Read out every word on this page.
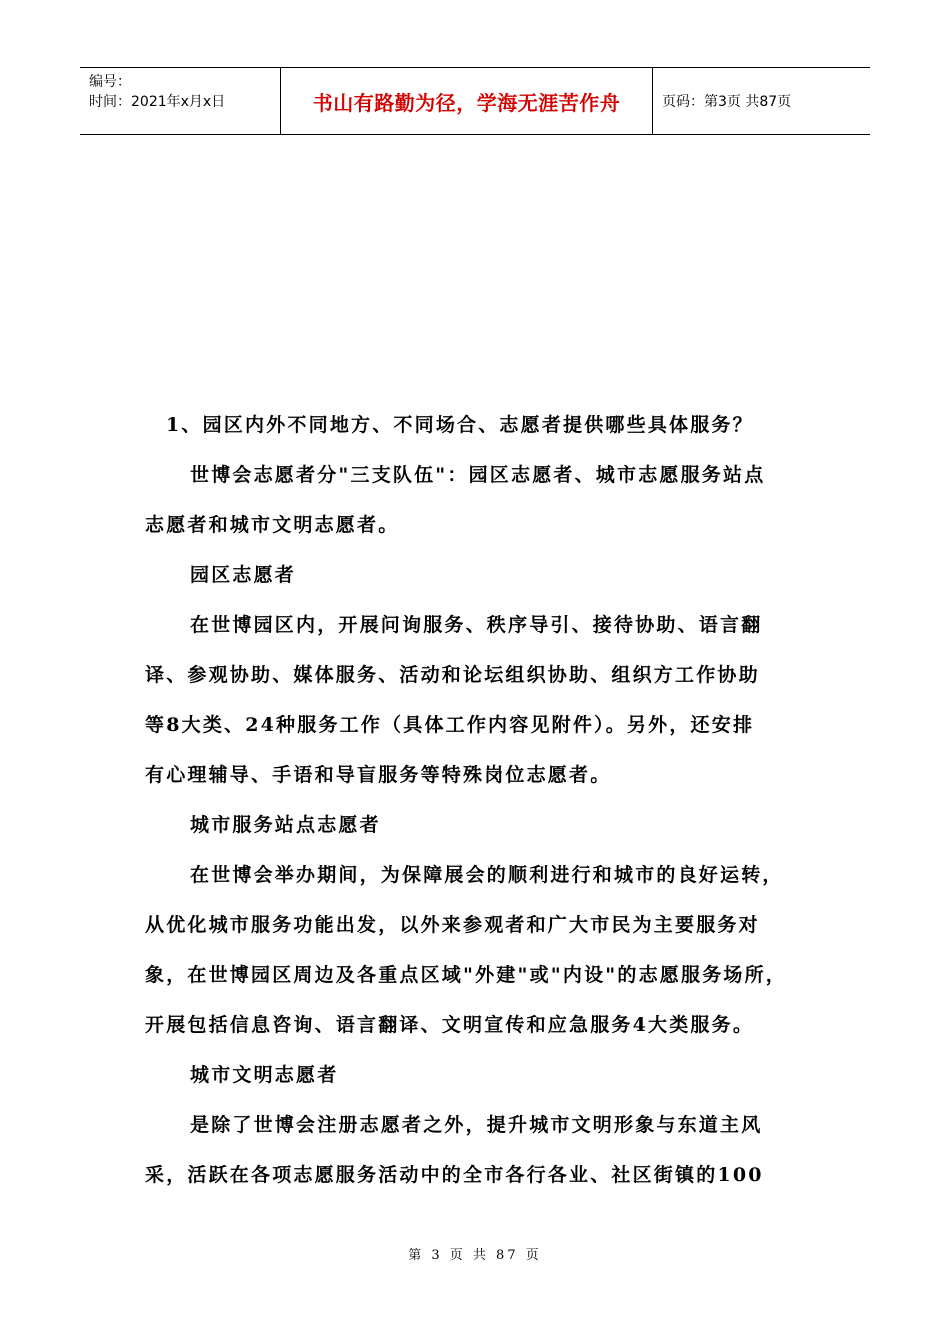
编号：
时间：2021年x月x日	书山有路勤为径，学海无涯苦作舟	页码：第3页 共87页
1、园区内外不同地方、不同场合、志愿者提供哪些具体服务？
世博会志愿者分"三支队伍"：园区志愿者、城市志愿服务站点
志愿者和城市文明志愿者。
园区志愿者
在世博园区内，开展问询服务、秩序导引、接待协助、语言翻
译、参观协助、媒体服务、活动和论坛组织协助、组织方工作协助
等8大类、24种服务工作（具体工作内容见附件）。另外，还安排
有心理辅导、手语和导盲服务等特殊岗位志愿者。
城市服务站点志愿者
在世博会举办期间，为保障展会的顺利进行和城市的良好运转，
从优化城市服务功能出发，以外来参观者和广大市民为主要服务对
象，在世博园区周边及各重点区域"外建"或"内设"的志愿服务场所，
开展包括信息咨询、语言翻译、文明宣传和应急服务4大类服务。
城市文明志愿者
是除了世博会注册志愿者之外，提升城市文明形象与东道主风
采，活跃在各项志愿服务活动中的全市各行各业、社区街镇的100
第 3 页 共 87 页
